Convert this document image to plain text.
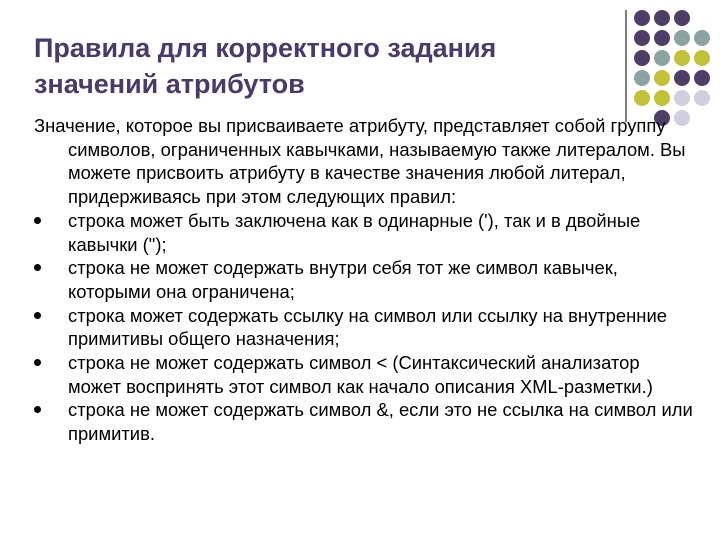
Правила для корректного задания
значений атрибутов

Значение, которое вы присваиваете атрибуту, представляет собой группу символов, ограниченных кавычками, называемую также литералом. Вы можете присвоить атрибуту в качестве значения любой литерал, придерживаясь при этом следующих правил:

строка может быть заключена как в одинарные ('), так и в двойные кавычки (");
строка не может содержать внутри себя тот же символ кавычек, которыми она ограничена;
строка может содержать ссылку на символ или ссылку на внутренние примитивы общего назначения;
строка не может содержать символ < (Синтаксический анализатор может воспринять этот символ как начало описания XML-разметки.)
строка не может содержать символ &, если это не ссылка на символ или примитив.
